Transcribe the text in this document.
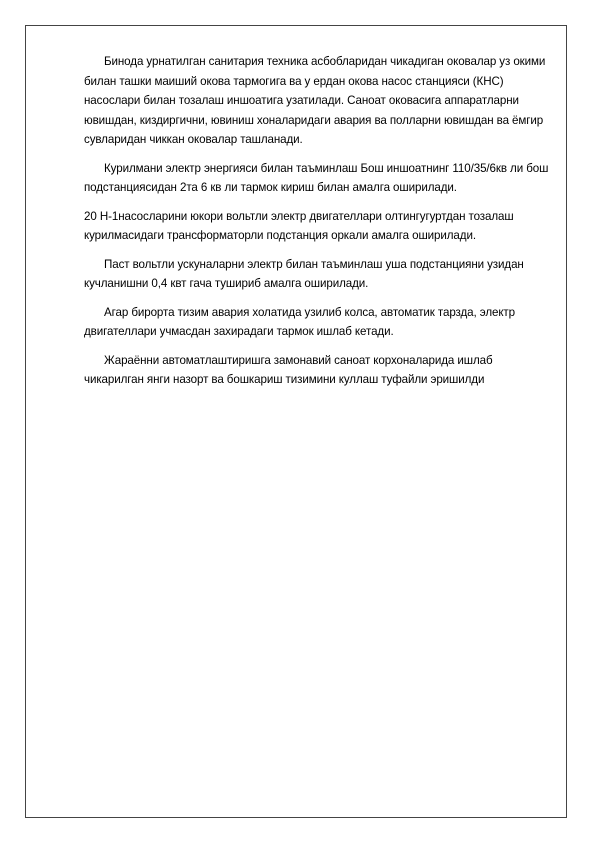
Бинода урнатилган санитария техника асбобларидан чикадиган оковалар уз окими билан ташки маиший окова тармогига ва у ердан окова насос станцияси (КНС) насослари билан тозалаш иншоатига узатилади. Саноат оковасига аппаратларни ювишдан, киздиргични, ювиниш хоналаридаги авария ва полларни ювишдан ва ёмгир сувларидан чиккан оковалар ташланади.

Курилмани электр энергияси билан таъминлаш Бош иншоатнинг 110/35/6кв ли бош подстанциясидан 2та 6 кв ли тармок кириш билан амалга оширилади.

20 Н-1насосларини юкори вольтли электр двигателлари олтингугуртдан тозалаш курилмасидаги трансформаторли подстанция оркали амалга оширилади.

Паст вольтли ускуналарни электр билан таъминлаш уша подстанцияни узидан кучланишни 0,4 квт гача тушириб амалга оширилади.

Агар бирорта тизим авария холатида узилиб колса, автоматик тарзда, электр двигателлари учмасдан захирадаги тармок ишлаб кетади.

Жараённи автоматлаштиришга замонавий саноат корхоналарида ишлаб чикарилган янги назорт ва бошкариш тизимини куллаш туфайли эришилди
